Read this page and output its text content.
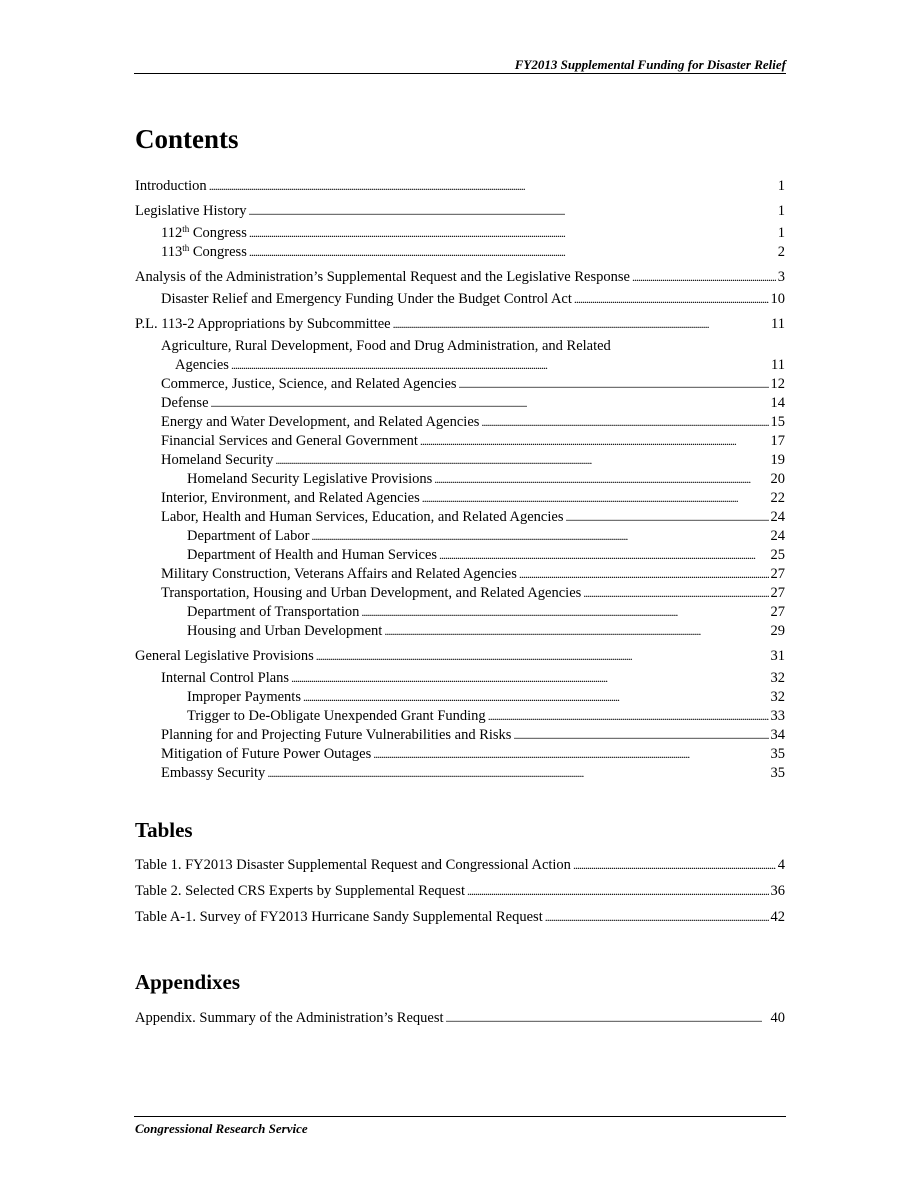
FY2013 Supplemental Funding for Disaster Relief
Contents
Introduction . . .	1
Legislative History . . .	1
112th Congress . . .	1
113th Congress . . .	2
Analysis of the Administration’s Supplemental Request and the Legislative Response . . .	3
Disaster Relief and Emergency Funding Under the Budget Control Act . . .	10
P.L. 113-2 Appropriations by Subcommittee . . .	11
Agriculture, Rural Development, Food and Drug Administration, and Related
Agencies . . .	11
Commerce, Justice, Science, and Related Agencies . . .	12
Defense . . .	14
Energy and Water Development, and Related Agencies . . .	15
Financial Services and General Government . . .	17
Homeland Security . . .	19
Homeland Security Legislative Provisions . . .	20
Interior, Environment, and Related Agencies . . .	22
Labor, Health and Human Services, Education, and Related Agencies . . .	24
Department of Labor . . .	24
Department of Health and Human Services . . .	25
Military Construction, Veterans Affairs and Related Agencies . . .	27
Transportation, Housing and Urban Development, and Related Agencies . . .	27
Department of Transportation . . .	27
Housing and Urban Development . . .	29
General Legislative Provisions . . .	31
Internal Control Plans . . .	32
Improper Payments . . .	32
Trigger to De-Obligate Unexpended Grant Funding . . .	33
Planning for and Projecting Future Vulnerabilities and Risks . . .	34
Mitigation of Future Power Outages . . .	35
Embassy Security . . .	35
Tables
Table 1. FY2013 Disaster Supplemental Request and Congressional Action . . .	4
Table 2. Selected CRS Experts by Supplemental Request . . .	36
Table A-1. Survey of FY2013 Hurricane Sandy Supplemental Request . . .	42
Appendixes
Appendix. Summary of the Administration’s Request . . .	40
Congressional Research Service
